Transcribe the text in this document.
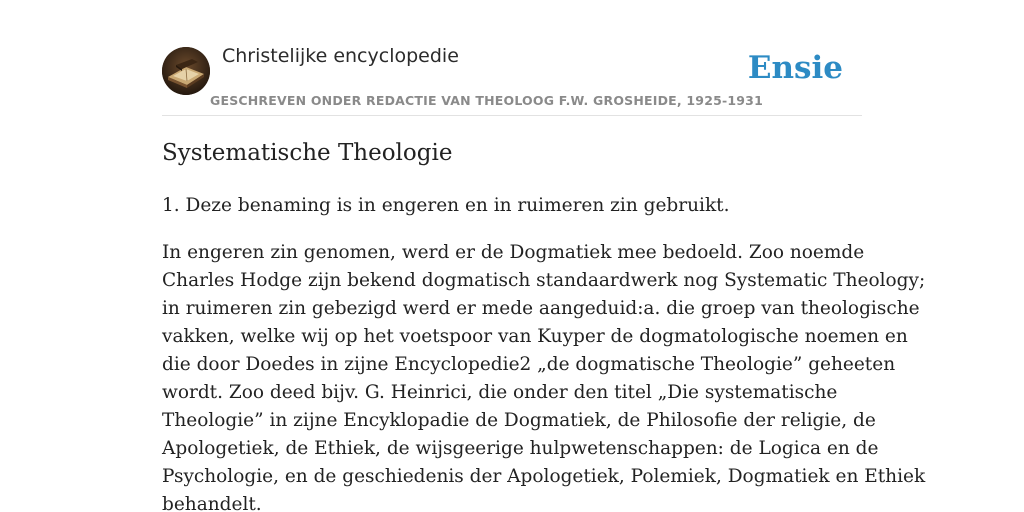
Christelijke encyclopedie
GESCHREVEN ONDER REDACTIE VAN THEOLOOG F.W. GROSHEIDE, 1925-1931
Ensie
Systematische Theologie

1. Deze benaming is in engeren en in ruimeren zin gebruikt.

In engeren zin genomen, werd er de Dogmatiek mee bedoeld. Zoo noemde
Charles Hodge zijn bekend dogmatisch standaardwerk nog Systematic Theology;
in ruimeren zin gebezigd werd er mede aangeduid:a. die groep van theologische
vakken, welke wij op het voetspoor van Kuyper de dogmatologische noemen en
die door Doedes in zijne Encyclopedie2 „de dogmatische Theologie” geheeten
wordt. Zoo deed bijv. G. Heinrici, die onder den titel „Die systematische
Theologie” in zijne Encyklopadie de Dogmatiek, de Philosofie der religie, de
Apologetiek, de Ethiek, de wijsgeerige hulpwetenschappen: de Logica en de
Psychologie, en de geschiedenis der Apologetiek, Polemiek, Dogmatiek en Ethiek
behandelt.
